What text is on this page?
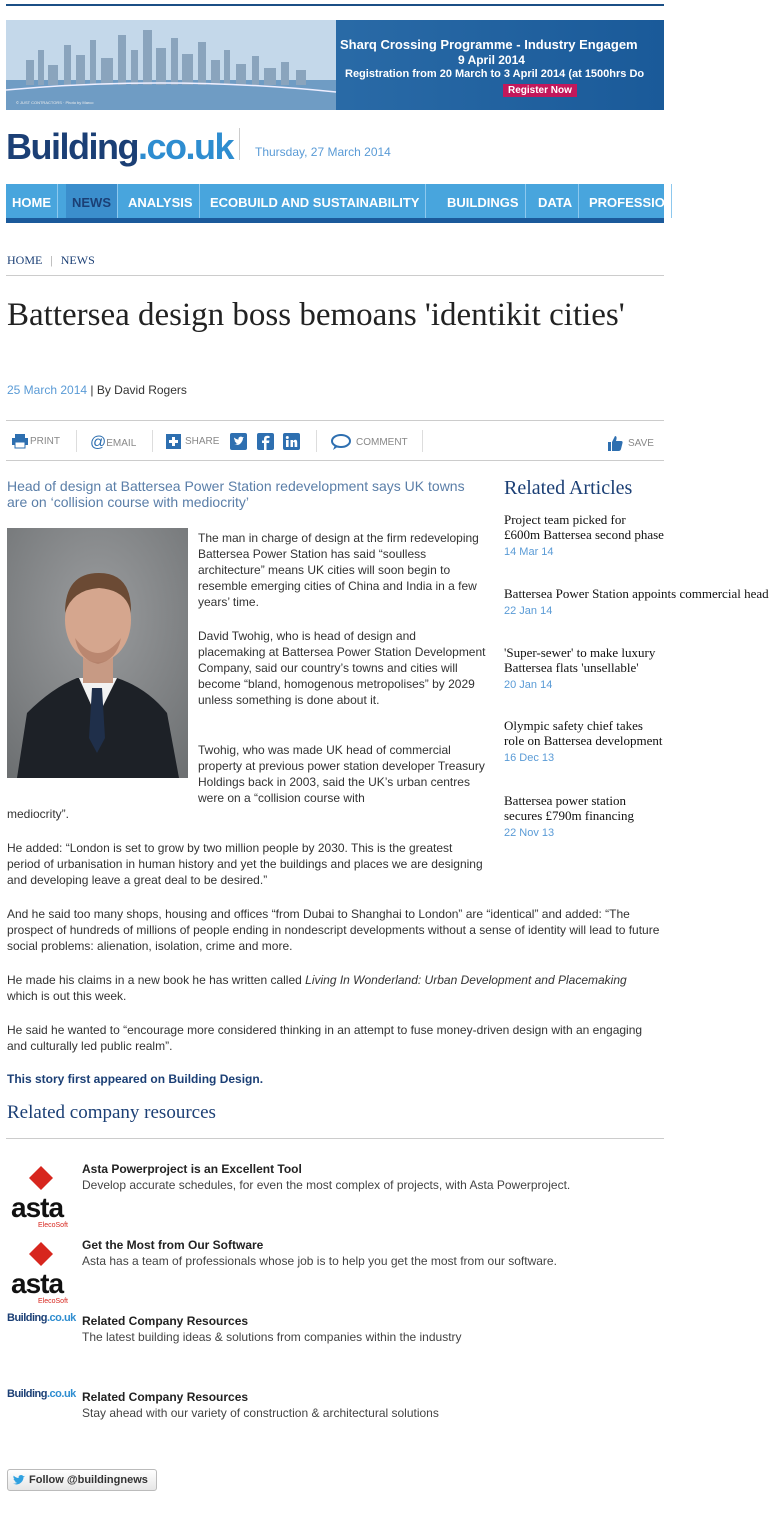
Sharq Crossing Programme - Industry Engagem
9 April 2014
Registration from 20 March to 3 April 2014 (at 1500hrs Do
Register Now
© JUST CONTRACTORS · Photo by Marco
Building.co.uk Thursday, 27 March 2014
HOME	NEWS	ANALYSIS	ECOBUILD AND SUSTAINABILITY	BUILDINGS	DATA	PROFESSIO
HOME | NEWS
Battersea design boss bemoans 'identikit cities'
25 March 2014 | By David Rogers
PRINT @ EMAIL	SHARE	COMMENT	SAVE
Head of design at Battersea Power Station redevelopment says UK towns are on ‘collision course with mediocrity’

The man in charge of design at the firm redeveloping Battersea Power Station has said “soulless architecture” means UK cities will soon begin to resemble emerging cities of China and India in a few years’ time.

David Twohig, who is head of design and placemaking at Battersea Power Station Development Company, said our country’s towns and cities will become “bland, homogenous metropolises” by 2029 unless something is done about it.

Twohig, who was made UK head of commercial property at previous power station developer Treasury Holdings back in 2003, said the UK’s urban centres were on a “collision course with

mediocrity”.

He added: “London is set to grow by two million people by 2030. This is the greatest period of urbanisation in human history and yet the buildings and places we are designing and developing leave a great deal to be desired.”

And he said too many shops, housing and offices “from Dubai to Shanghai to London” are “identical” and added: “The prospect of hundreds of millions of people ending in nondescript developments without a sense of identity will lead to future social problems: alienation, isolation, crime and more.

He made his claims in a new book he has written called Living In Wonderland: Urban Development and Placemaking which is out this week.

He said he wanted to “encourage more considered thinking in an attempt to fuse money-driven design with an engaging and culturally led public realm”.

This story first appeared on Building Design.
Related Articles
Project team picked for £600m Battersea second phase
14 Mar 14
Battersea Power Station appoints commercial head
22 Jan 14
'Super-sewer' to make luxury Battersea flats 'unsellable'
20 Jan 14
Olympic safety chief takes role on Battersea development
16 Dec 13
Battersea power station secures £790m financing
22 Nov 13
Related company resources
asta
ElecoSoft
Asta Powerproject is an Excellent Tool
Develop accurate schedules, for even the most complex of projects, with Asta Powerproject.
asta
ElecoSoft
Get the Most from Our Software
Asta has a team of professionals whose job is to help you get the most from our software.
Building.co.uk Related Company Resources
The latest building ideas & solutions from companies within the industry
Building.co.uk Related Company Resources
Stay ahead with our variety of construction & architectural solutions
Follow @buildingnews
